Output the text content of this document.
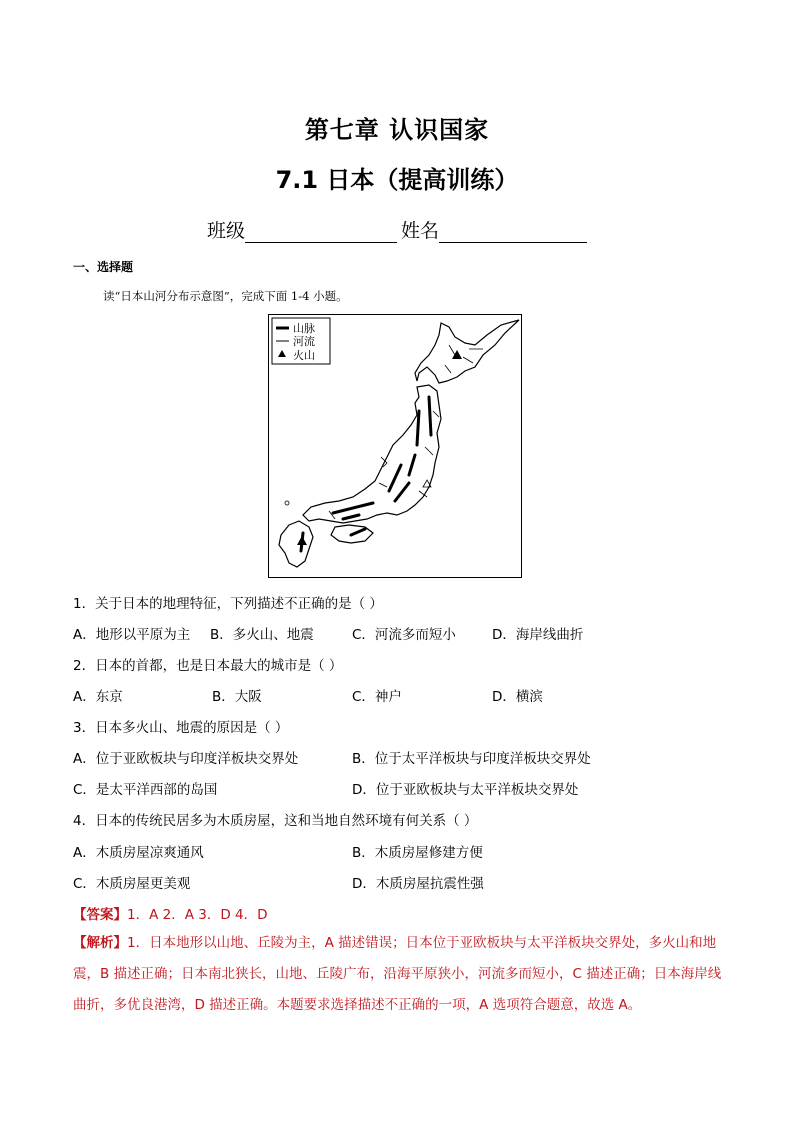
第七章 认识国家
7.1 日本（提高训练）
班级	姓名
一、选择题
读“日本山河分布示意图”，完成下面 1-4 小题。
山脉
河流
火山
1．关于日本的地理特征，下列描述不正确的是（ ）
A．地形以平原为主 B．多火山、地震	C．河流多而短小	D．海岸线曲折
2．日本的首都，也是日本最大的城市是（ ）
A．东京	B．大阪	C．神户	D．横滨
3．日本多火山、地震的原因是（ ）
A．位于亚欧板块与印度洋板块交界处	B．位于太平洋板块与印度洋板块交界处
C．是太平洋西部的岛国	D．位于亚欧板块与太平洋板块交界处
4．日本的传统民居多为木质房屋，这和当地自然环境有何关系（ ）
A．木质房屋凉爽通风	B．木质房屋修建方便
C．木质房屋更美观	D．木质房屋抗震性强
【答案】1．A 2．A 3．D 4．D
【解析】1．日本地形以山地、丘陵为主，A 描述错误；日本位于亚欧板块与太平洋板块交界处，多火山和地震，B 描述正确；日本南北狭长，山地、丘陵广布，沿海平原狭小，河流多而短小，C 描述正确；日本海岸线曲折，多优良港湾，D 描述正确。本题要求选择描述不正确的一项，A 选项符合题意，故选 A。
